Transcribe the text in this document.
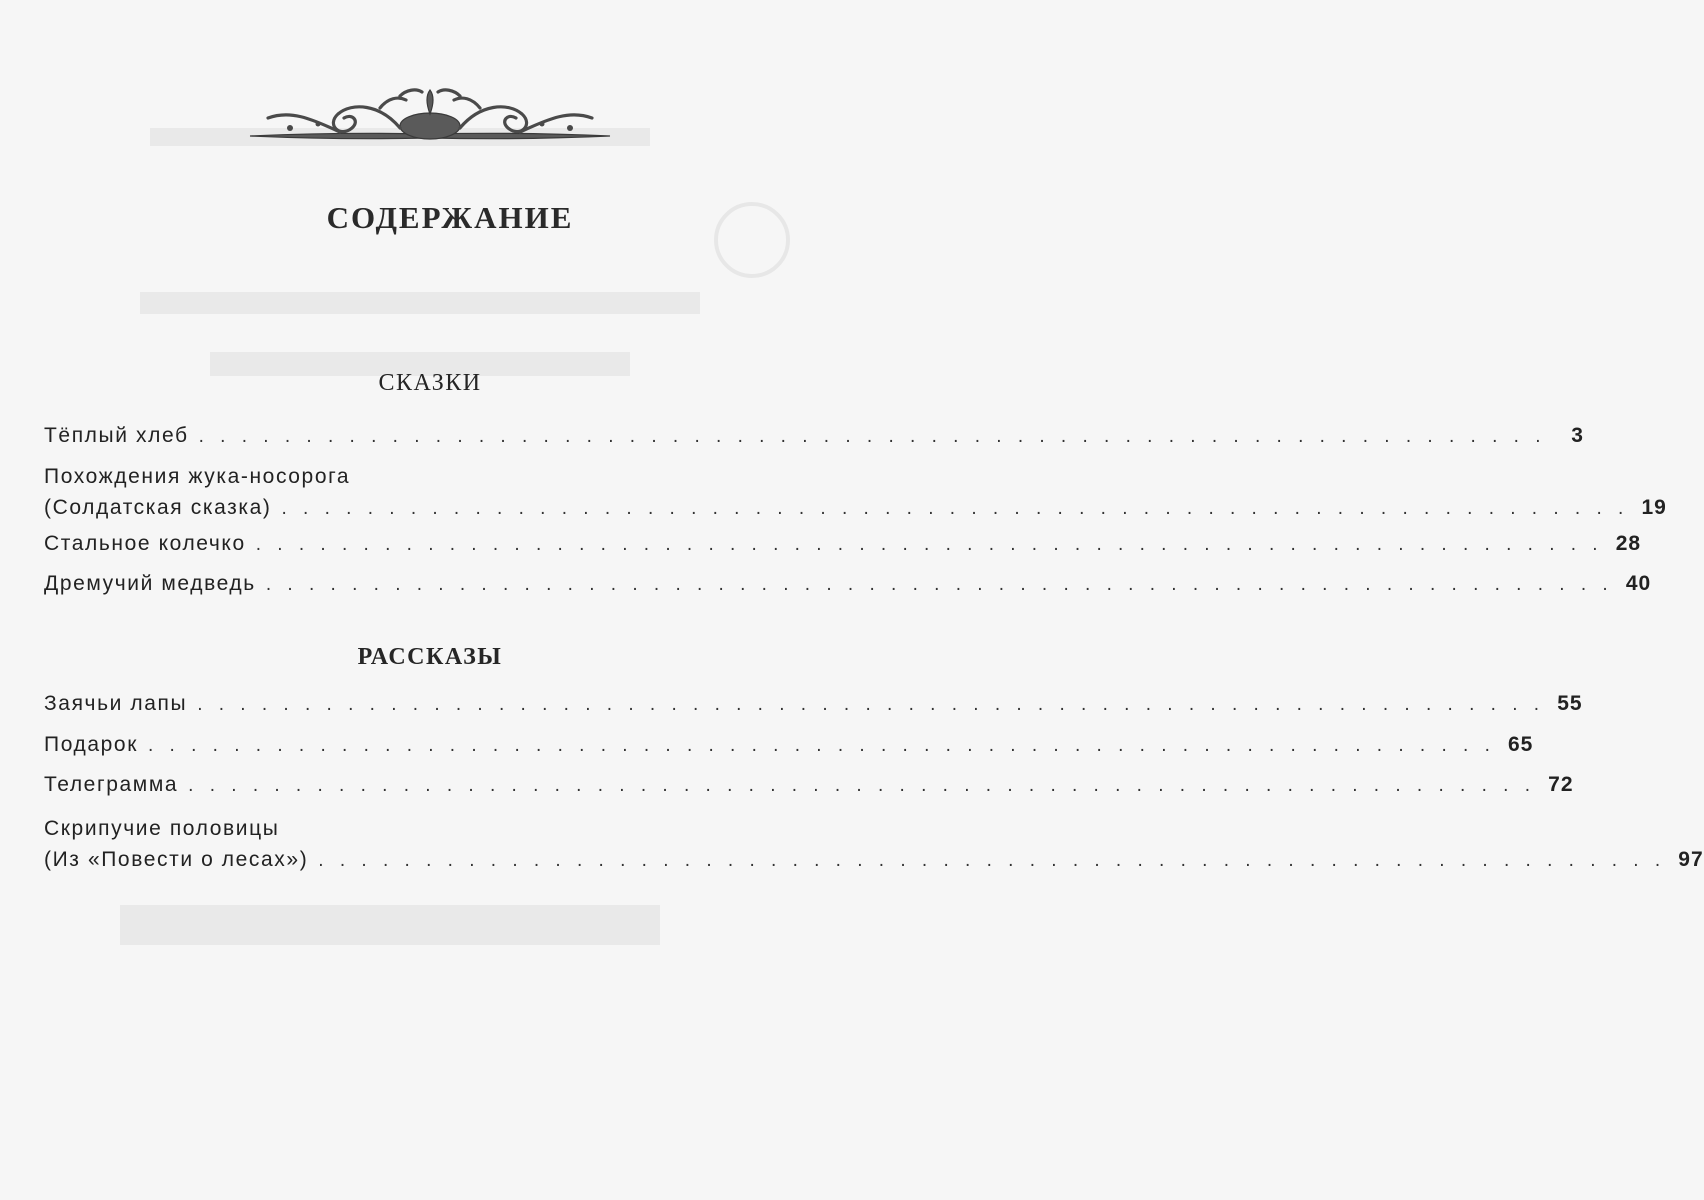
СОДЕРЖАНИЕ
СКАЗКИ
Тёплый хлеб . . . . . . . . . . . . . . . . . . . . . . . . . . . . . . . . . . . . . . . . . . . . . . . . . . . . . . . . . . . . . . .	3
Похождения жука-носорога
(Солдатская сказка) . . . . . . . . . . . . . . . . . . . . . . . . . . . . . . . . . . . . . . . . . . . . . . . . . . . . . . . . . . . . . . . 19
Стальное колечко . . . . . . . . . . . . . . . . . . . . . . . . . . . . . . . . . . . . . . . . . . . . . . . . . . . . . . . . . . . . . . . 28
Дремучий медведь . . . . . . . . . . . . . . . . . . . . . . . . . . . . . . . . . . . . . . . . . . . . . . . . . . . . . . . . . . . . . . . 40
РАССКАЗЫ
Заячьи лапы . . . . . . . . . . . . . . . . . . . . . . . . . . . . . . . . . . . . . . . . . . . . . . . . . . . . . . . . . . . . . . . 55
Подарок . . . . . . . . . . . . . . . . . . . . . . . . . . . . . . . . . . . . . . . . . . . . . . . . . . . . . . . . . . . . . . . 65
Телеграмма . . . . . . . . . . . . . . . . . . . . . . . . . . . . . . . . . . . . . . . . . . . . . . . . . . . . . . . . . . . . . . . 72
Скрипучие половицы
(Из «Повести о лесах») . . . . . . . . . . . . . . . . . . . . . . . . . . . . . . . . . . . . . . . . . . . . . . . . . . . . . . . . . . . . . . . 97
